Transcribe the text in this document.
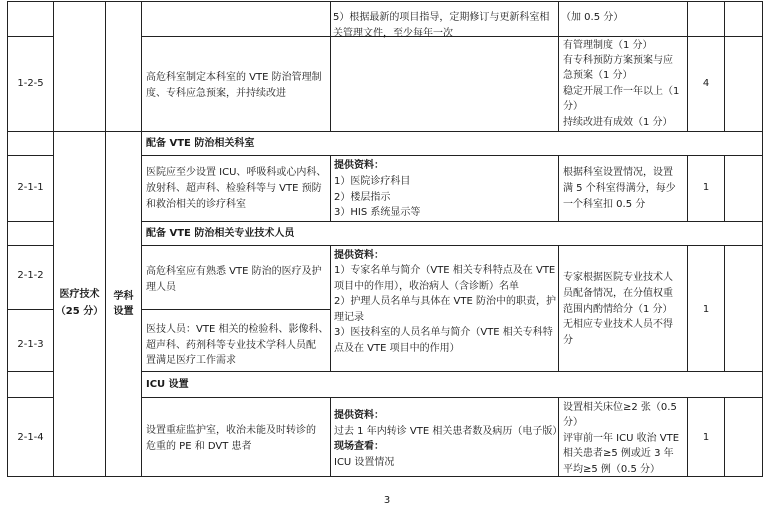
医疗技术
（25 分）
学科
设置
1-2-5
高危科室制定本科室的 VTE 防治管理制
度、专科应急预案，并持续改进
5）根据最新的项目指导，定期修订与更新科室相
关管理文件，至少每年一次
（加 0.5 分）
有管理制度（1 分）
有专科预防方案预案与应
急预案（1 分）
稳定开展工作一年以上（1
分）
持续改进有成效（1 分）
4
配备 VTE 防治相关科室
2-1-1
医院应至少设置 ICU、呼吸科或心内科、
放射科、超声科、检验科等与 VTE 预防
和救治相关的诊疗科室
提供资料：
1）医院诊疗科目
2）楼层指示
3）HIS 系统显示等
根据科室设置情况，设置
满 5 个科室得满分，每少
一个科室扣 0.5 分
1
配备 VTE 防治相关专业技术人员
2-1-2	高危科室应有熟悉 VTE 防治的医疗及护
理人员
2-1-3
医技人员：VTE 相关的检验科、影像科、
超声科、药剂科等专业技术学科人员配
置满足医疗工作需求
提供资料：
1）专家名单与简介（VTE 相关专科特点及在 VTE
项目中的作用），收治病人（含诊断）名单
2）护理人员名单与具体在 VTE 防治中的职责，护
理记录
3）医技科室的人员名单与简介（VTE 相关专科特
点及在 VTE 项目中的作用）
专家根据医院专业技术人
员配备情况，在分值权重
范围内酌情给分（1 分）
无相应专业技术人员不得
分
1
ICU 设置
2-1-4
设置重症监护室，收治未能及时转诊的
危重的 PE 和 DVT 患者
提供资料：
过去 1 年内转诊 VTE 相关患者数及病历（电子版）
现场查看：
ICU 设置情况
设置相关床位≥2 张（0.5
分）
评审前一年 ICU 收治 VTE
相关患者≥5 例或近 3 年
平均≥5 例（0.5 分）
1
3
